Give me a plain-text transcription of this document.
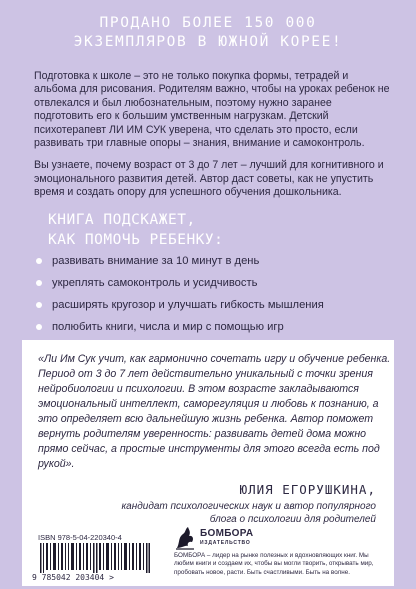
ПРОДАНО БОЛЕЕ 150 000
ЭКЗЕМПЛЯРОВ В ЮЖНОЙ КОРЕЕ!

Подготовка к школе – это не только покупка формы, тетрадей и альбома для рисования. Родителям важно, чтобы на уроках ребенок не отвлекался и был любознательным, поэтому нужно заранее подготовить его к большим умственным нагрузкам. Детский психотерапевт ЛИ ИМ СУК уверена, что сделать это просто, если развивать три главные опоры – знания, внимание и самоконтроль.

Вы узнаете, почему возраст от 3 до 7 лет – лучший для когнитивного и эмоционального развития детей. Автор даст советы, как не упустить время и создать опору для успешного обучения дошкольника.

КНИГА ПОДСКАЖЕТ,
КАК ПОМОЧЬ РЕБЕНКУ:
развивать внимание за 10 минут в день
укреплять самоконтроль и усидчивость
расширять кругозор и улучшать гибкость мышления
полюбить книги, числа и мир с помощью игр
«Ли Им Сук учит, как гармонично сочетать игру и обучение ребенка. Период от 3 до 7 лет действительно уникальный с точки зрения нейробиологии и психологии. В этом возрасте закладываются эмоциональный интеллект, саморегуляция и любовь к познанию, а это определяет всю дальнейшую жизнь ребенка. Автор поможет вернуть родителям уверенность: развивать детей дома можно прямо сейчас, а простые инструменты для этого всегда есть под рукой».
ЮЛИЯ ЕГОРУШКИНА,
кандидат психологических наук и автор популярного блога о психологии для родителей
ISBN 978-5-04-220340-4
9 785042 203404 >
БОМБОРА
ИЗДАТЕЛЬСТВО
БОМБОРА – лидер на рынке полезных и вдохновляющих книг. Мы любим книги и создаем их, чтобы вы могли творить, открывать мир, пробовать новое, расти. Быть счастливыми. Быть на волне.
